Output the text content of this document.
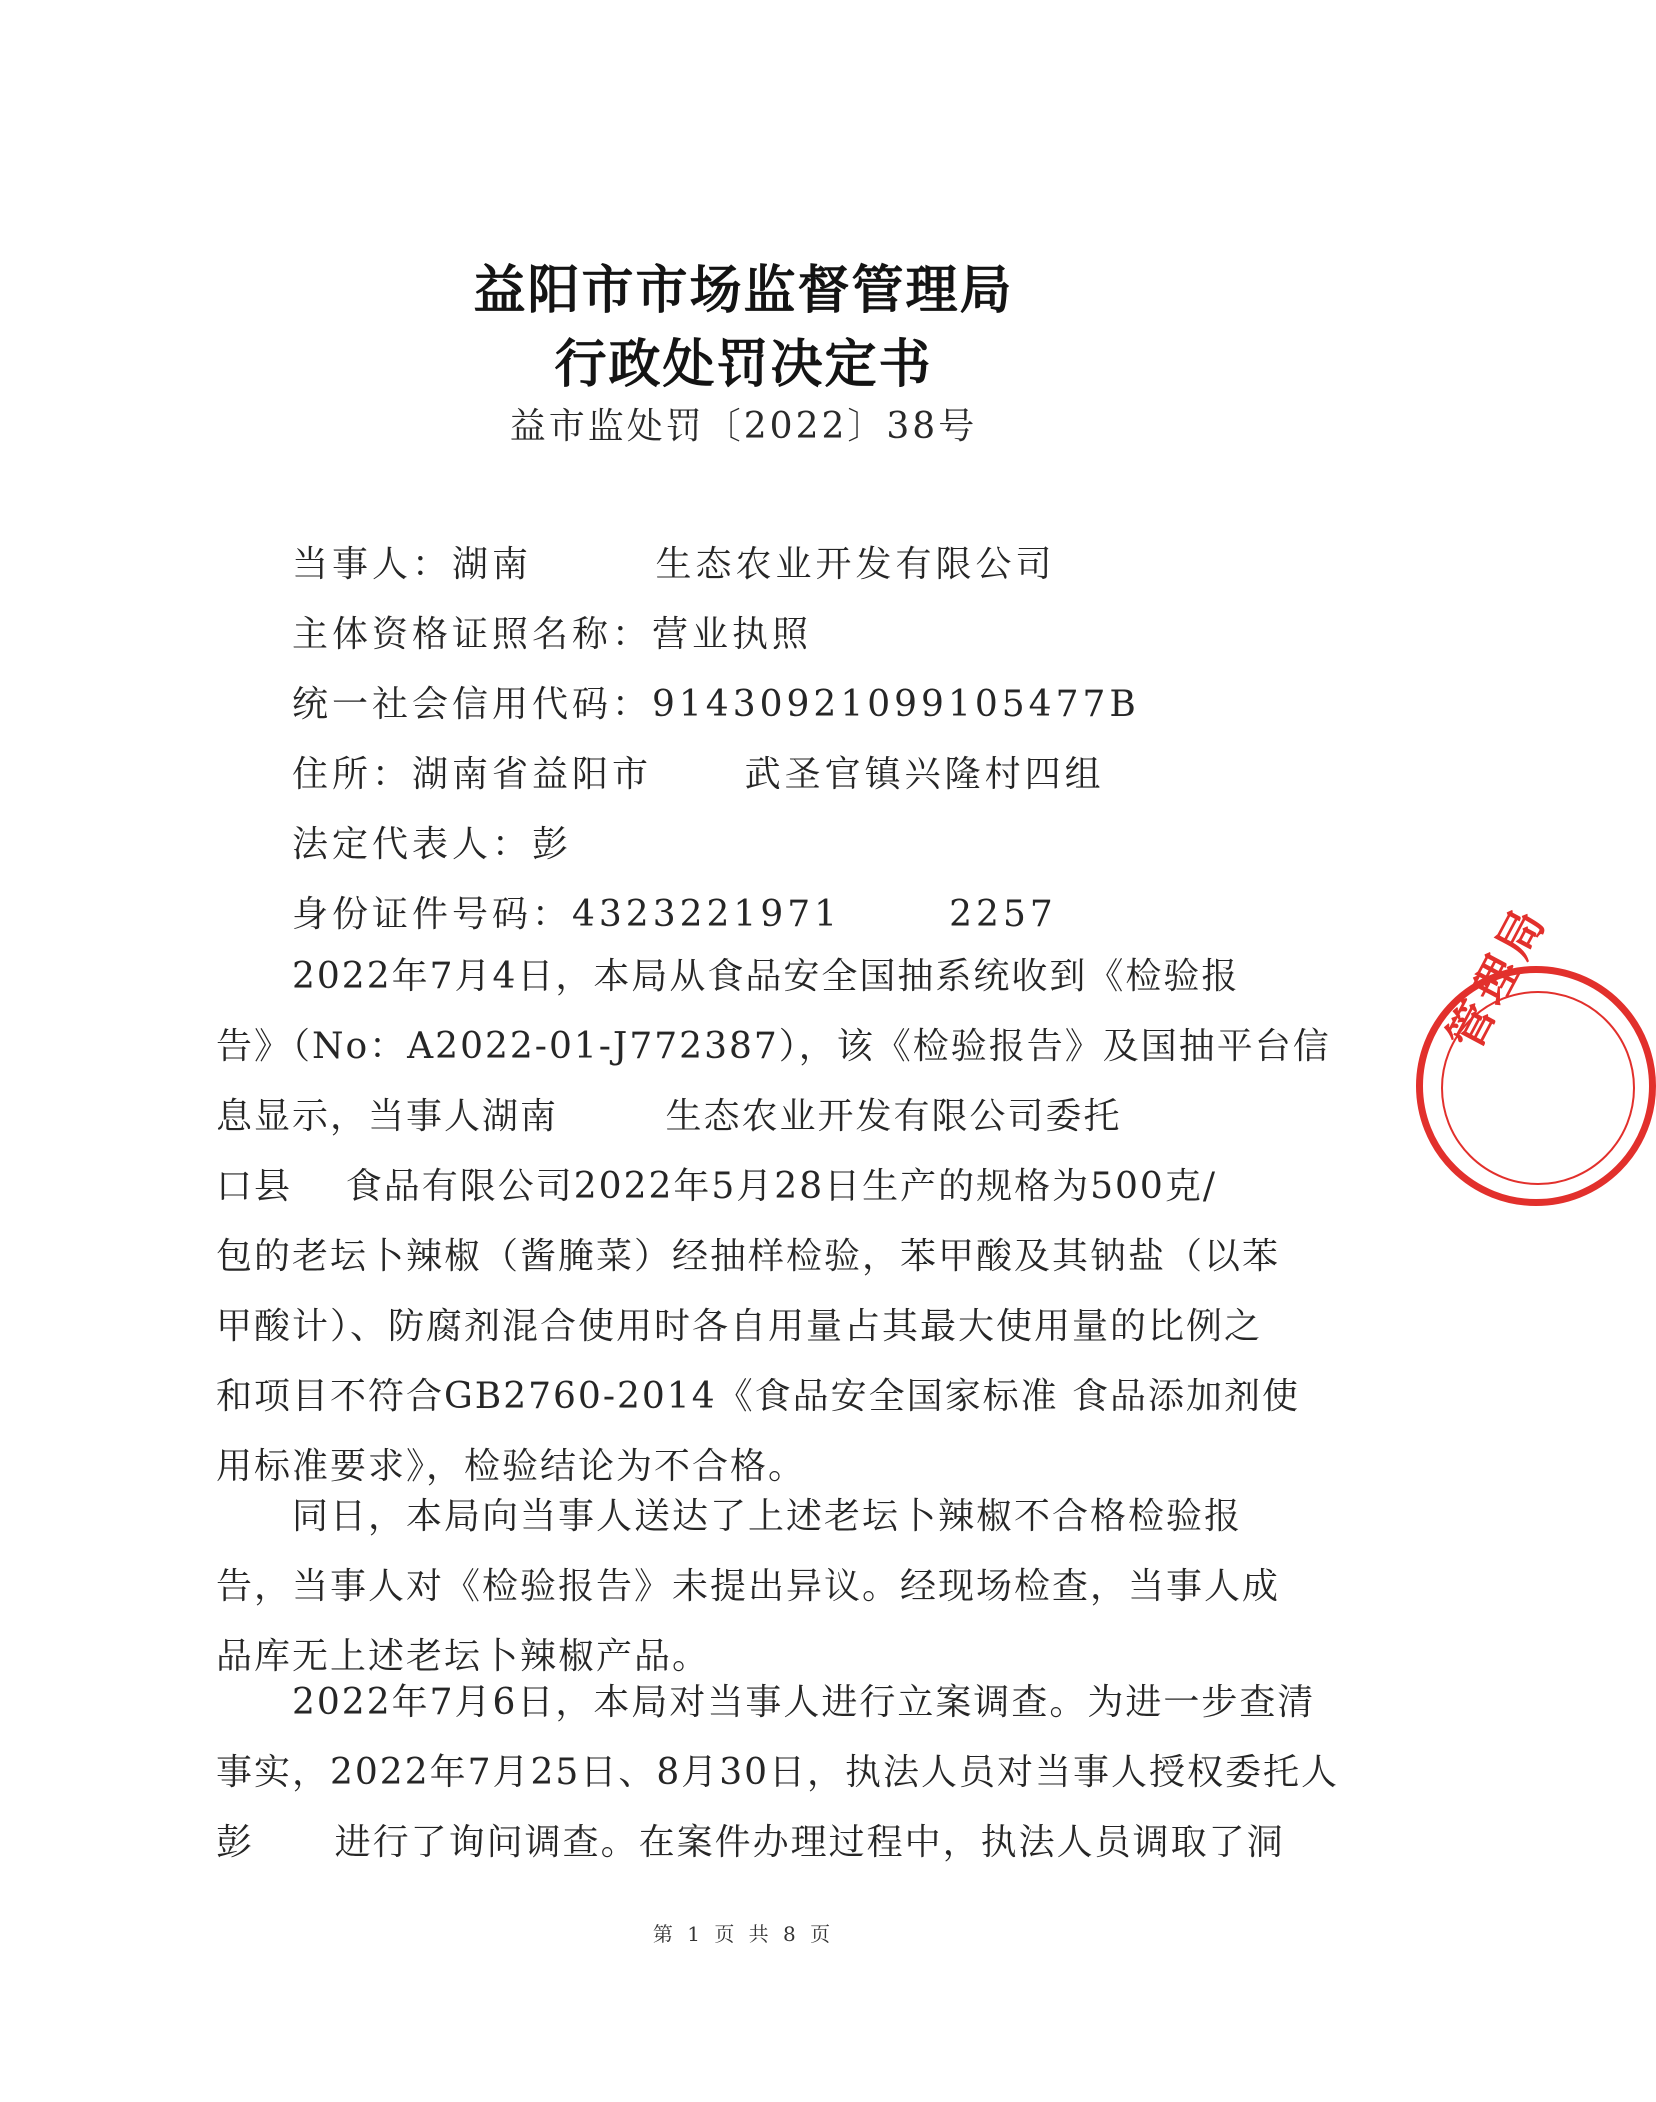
益阳市市场监督管理局
行政处罚决定书
益市监处罚〔2022〕38号
当事人：湖南        生态农业开发有限公司
主体资格证照名称：营业执照
统一社会信用代码：91430921099105477B
住所：湖南省益阳市      武圣官镇兴隆村四组
法定代表人：彭
身份证件号码：4323221971       2257
2022年7月4日，本局从食品安全国抽系统收到《检验报
告》（No：A2022-01-J772387），该《检验报告》及国抽平台信
息显示，当事人湖南        生态农业开发有限公司委托
口县    食品有限公司2022年5月28日生产的规格为500克/
包的老坛卜辣椒（酱腌菜）经抽样检验，苯甲酸及其钠盐（以苯
甲酸计）、防腐剂混合使用时各自用量占其最大使用量的比例之
和项目不符合GB2760-2014《食品安全国家标准 食品添加剂使
用标准要求》，检验结论为不合格。
同日，本局向当事人送达了上述老坛卜辣椒不合格检验报
告，当事人对《检验报告》未提出异议。经现场检查，当事人成
品库无上述老坛卜辣椒产品。
2022年7月6日，本局对当事人进行立案调查。为进一步查清
事实，2022年7月25日、8月30日，执法人员对当事人授权委托人
彭      进行了询问调查。在案件办理过程中，执法人员调取了洞
第 1 页 共 8 页
管理局
